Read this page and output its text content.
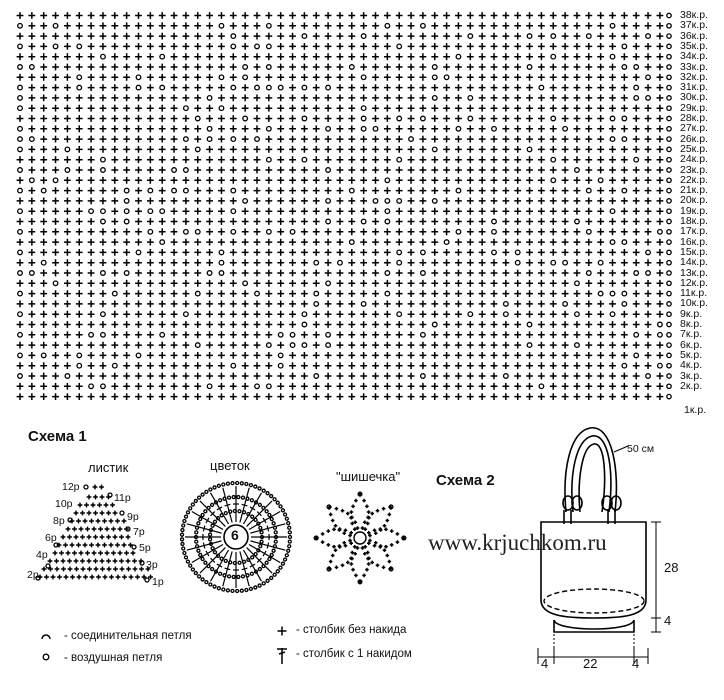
38к.р.
37к.р.
36к.р.
35к.р.
34к.р.
33к.р.
32к.р.
31к.р.
30к.р.
29к.р.
28к.р.
27к.р.
26к.р.
25к.р.
24к.р.
23к.р.
22к.р.
21к.р.
20к.р.
19к.р.
18к.р.
17к.р.
16к.р.
15к.р.
14к.р.
13к.р.
12к.р.
11к.р.
10к.р.
9к.р.
8к.р.
7к.р.
6к.р.
5к.р.
4к.р.
3к.р.
2к.р.
1к.р.
Схема 1
листик	цветок
"шишечка"
12р
10р
8р
6р
4р
2р
11р
9р
7р
5р
3р
1р
6
Схема 2
50 см
28
4
4	22	4
www.krjuchkom.ru
- соединительная петля
- воздушная петля
- столбик без накида
- столбик с 1 накидом
